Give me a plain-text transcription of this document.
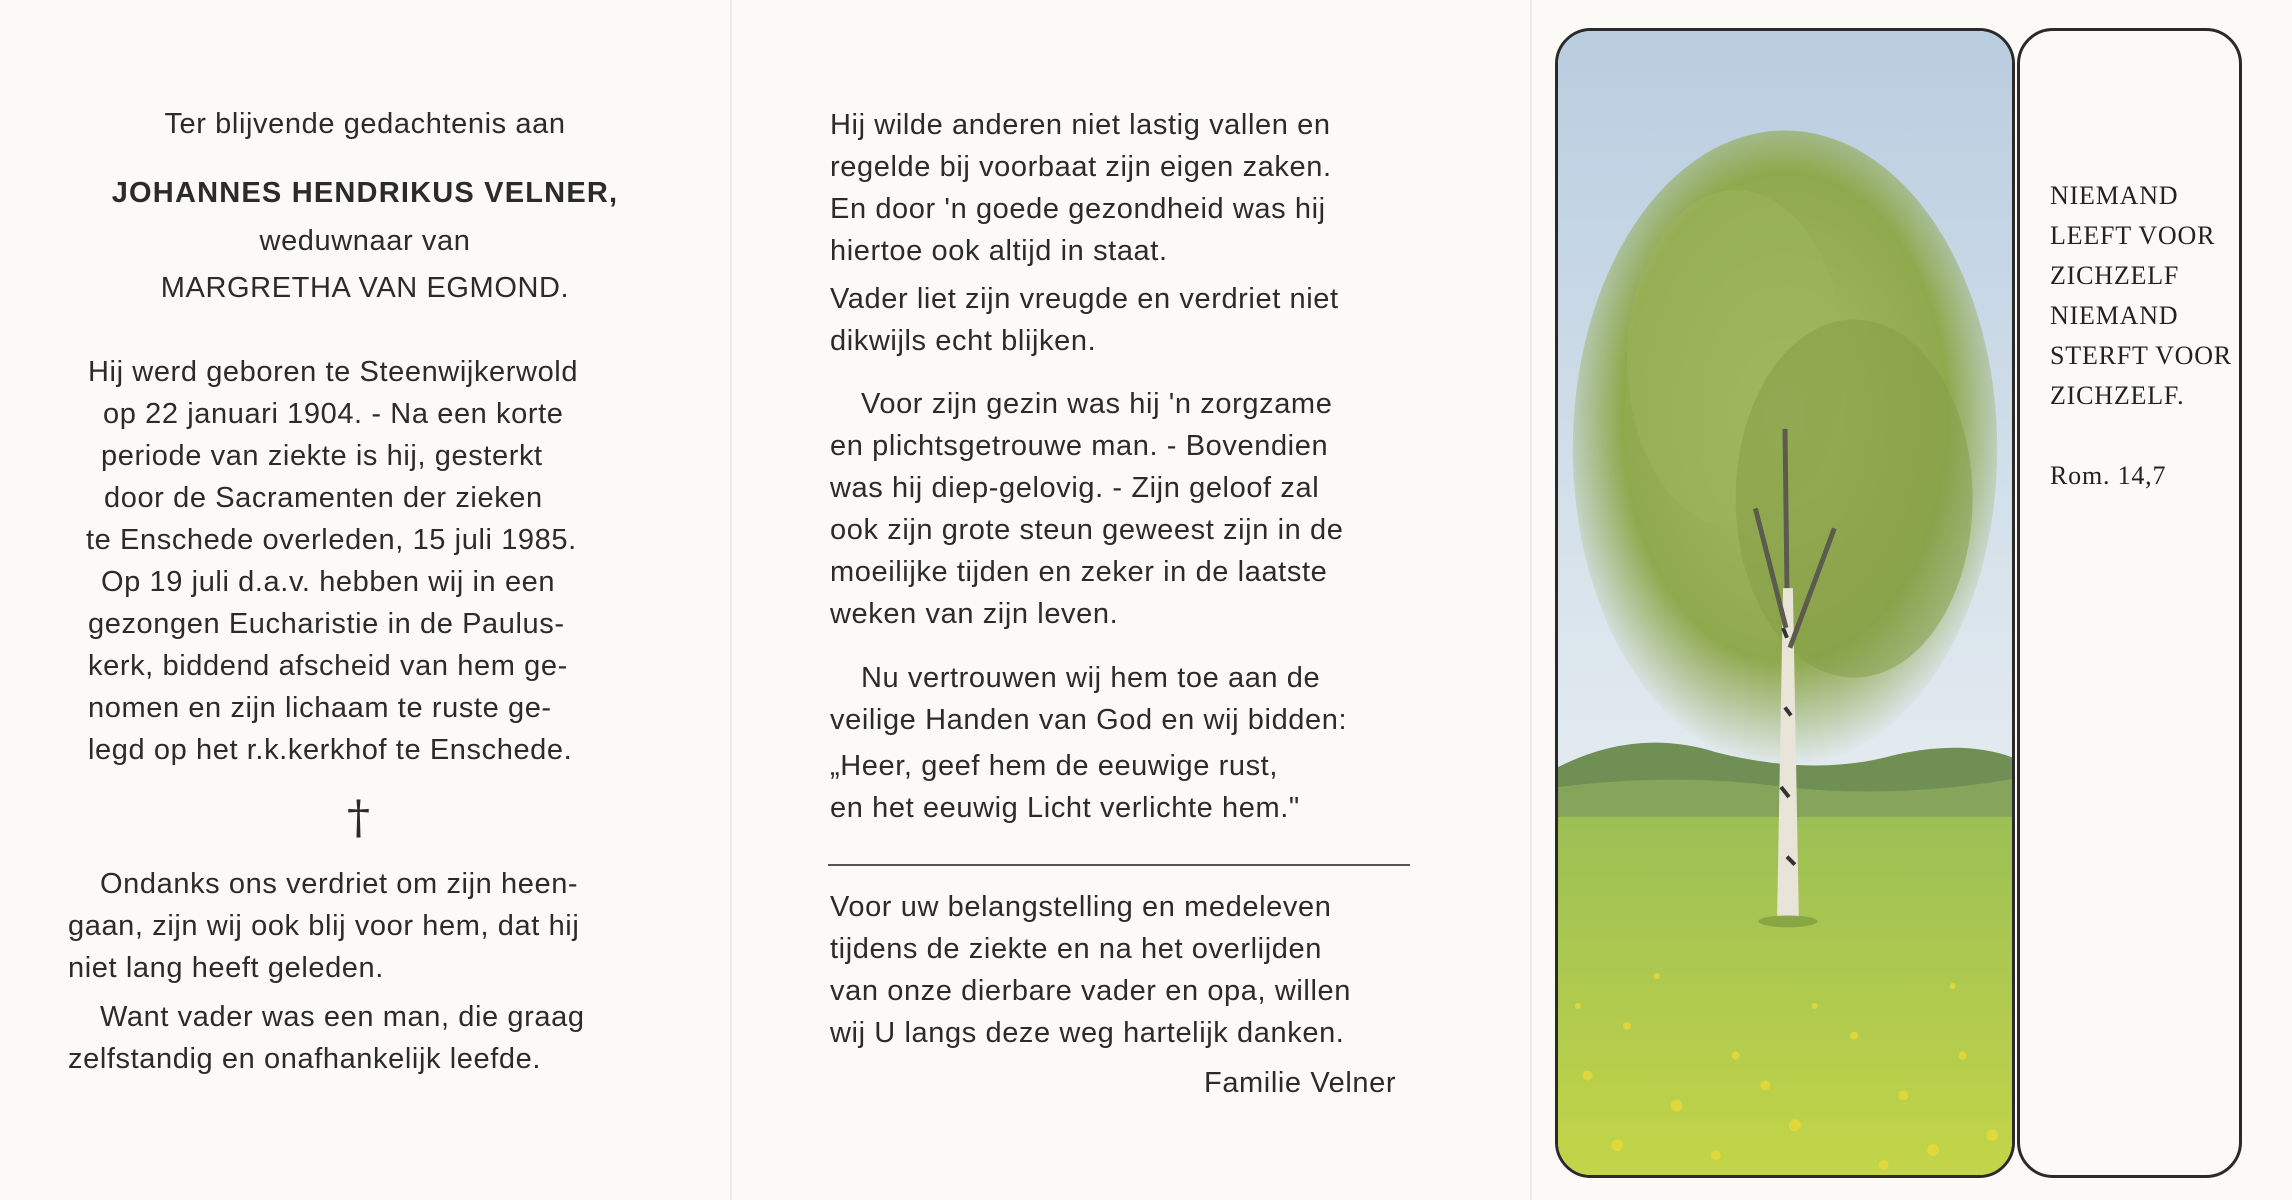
Ter blijvende gedachtenis aan
JOHANNES HENDRIKUS VELNER,
weduwnaar van
MARGRETHA VAN EGMOND.
Hij werd geboren te Steenwijkerwold
op 22 januari 1904. - Na een korte
periode van ziekte is hij, gesterkt
door de Sacramenten der zieken
te Enschede overleden, 15 juli 1985.
Op 19 juli d.a.v. hebben wij in een
gezongen Eucharistie in de Paulus-
kerk, biddend afscheid van hem ge-
nomen en zijn lichaam te ruste ge-
legd op het r.k.kerkhof te Enschede.
†
Ondanks ons verdriet om zijn heen-
gaan, zijn wij ook blij voor hem, dat hij
niet lang heeft geleden.
Want vader was een man, die graag
zelfstandig en onafhankelijk leefde.
Hij wilde anderen niet lastig vallen en
regelde bij voorbaat zijn eigen zaken.
En door 'n goede gezondheid was hij
hiertoe ook altijd in staat.
Vader liet zijn vreugde en verdriet niet
dikwijls echt blijken.
Voor zijn gezin was hij 'n zorgzame
en plichtsgetrouwe man. - Bovendien
was hij diep-gelovig. - Zijn geloof zal
ook zijn grote steun geweest zijn in de
moeilijke tijden en zeker in de laatste
weken van zijn leven.
Nu vertrouwen wij hem toe aan de
veilige Handen van God en wij bidden:
„Heer, geef hem de eeuwige rust,
en het eeuwig Licht verlichte hem."
Voor uw belangstelling en medeleven
tijdens de ziekte en na het overlijden
van onze dierbare vader en opa, willen
wij U langs deze weg hartelijk danken.
Familie Velner
NIEMAND
LEEFT VOOR
ZICHZELF
NIEMAND
STERFT VOOR
ZICHZELF.
Rom. 14,7
